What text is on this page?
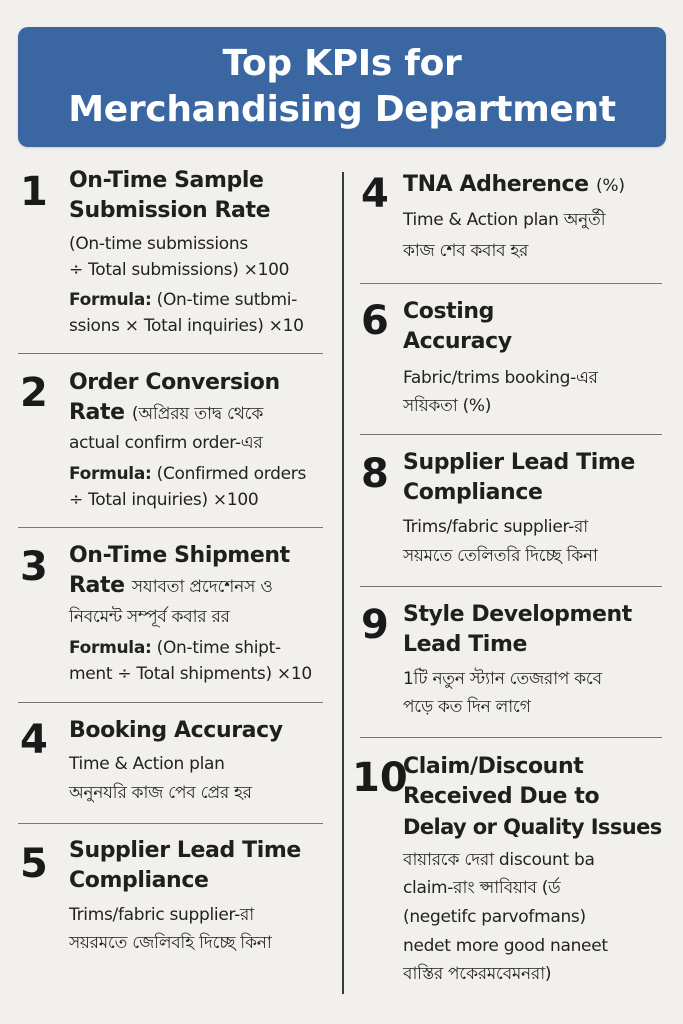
Top KPIs for
Merchandising Department
1 On-Time Sample
Submission Rate
(On-time submissions
÷ Total submissions) ×100
Formula: (On-time sutbmi-
ssions × Total inquiries) ×10
2 Order Conversion
Rate (অপ্রিরয় তাদ্ব থেকে
actual confirm order-এর
Formula: (Confirmed orders
÷ Total inquiries) ×100
3 On-Time Shipment
Rate সযাবতা প্রদেশেনস ও
নিবমেন্ট সম্পূর্ব কবার রর
Formula: (On-time shipt-
ment ÷ Total shipments) ×10
4 Booking Accuracy
Time & Action plan
অনুনযরি কাজ পেব প্রের হর
5 Supplier Lead Time
Compliance
Trims/fabric supplier-রা
সয়রমতে জেলিবহি দিচ্ছে কিনা
4 TNA Adherence (%)
Time & Action plan অনুর্তী
কাজ শেব কবাব হর
6 Costing
Accuracy
Fabric/trims booking-এর
সয়িকতা (%)
8 Supplier Lead Time
Compliance
Trims/fabric supplier-রা
সয়মতে তেলিতরি দিচ্ছে কিনা
9 Style Development
Lead Time
1টি নতুন স্ট্যান তেজরাপ কবে
পড়ে কত দিন লাগে
10
Claim/Discount
Received Due to
Delay or Quality Issues
বায়ারকে দেরা discount ba
claim-রাং প্সাবিয়াব (র্ড
(negetifc parvofmans)
nedet more good naneet
বাস্তির পকেরমবেমনরা)
